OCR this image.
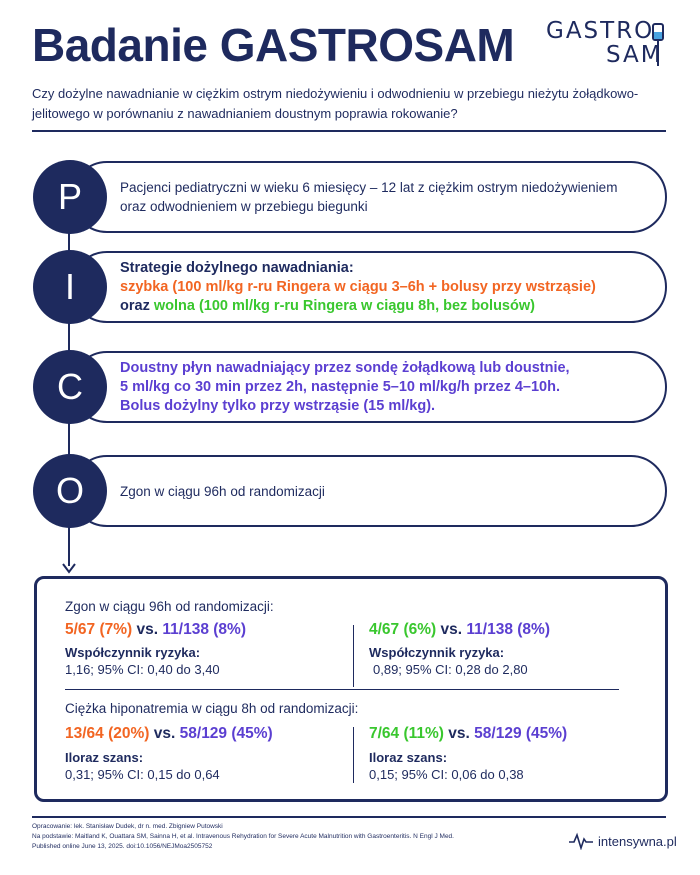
Badanie GASTROSAM GASTRO
SAM

Czy dożylne nawadnianie w ciężkim ostrym niedożywieniu i odwodnieniu w przebiegu nieżytu żołądkowo-jelitowego w porównaniu z nawadnianiem doustnym poprawia rokowanie?

P	Pacjenci pediatryczni w wieku 6 miesięcy – 12 lat z ciężkim ostrym niedożywieniem
oraz odwodnieniem w przebiegu biegunki
I	Strategie dożylnego nawadniania:
szybka (100 ml/kg r-ru Ringera w ciągu 3–6h + bolusy przy wstrząsie)
oraz wolna (100 ml/kg r-ru Ringera w ciągu 8h, bez bolusów)
C	Doustny płyn nawadniający przez sondę żołądkową lub doustnie,
5 ml/kg co 30 min przez 2h, następnie 5–10 ml/kg/h przez 4–10h.
Bolus dożylny tylko przy wstrząsie (15 ml/kg).
O	Zgon w ciągu 96h od randomizacji
Zgon w ciągu 96h od randomizacji:
5/67 (7%) vs. 11/138 (8%)
Współczynnik ryzyka:
1,16; 95% CI: 0,40 do 3,40
4/67 (6%) vs. 11/138 (8%)
Współczynnik ryzyka:
0,89; 95% CI: 0,28 do 2,80
Ciężka hiponatremia w ciągu 8h od randomizacji:
13/64 (20%) vs. 58/129 (45%)
Iloraz szans:
0,31; 95% CI: 0,15 do 0,64
7/64 (11%) vs. 58/129 (45%)
Iloraz szans:
0,15; 95% CI: 0,06 do 0,38
Opracowanie: lek. Stanisław Dudek, dr n. med. Zbigniew Putowski
Na podstawie: Maitland K, Ouattara SM, Sainna H, et al. Intravenous Rehydration for Severe Acute Malnutrition with Gastroenteritis. N Engl J Med.
Published online June 13, 2025. doi:10.1056/NEJMoa2505752	intensywna.pl
